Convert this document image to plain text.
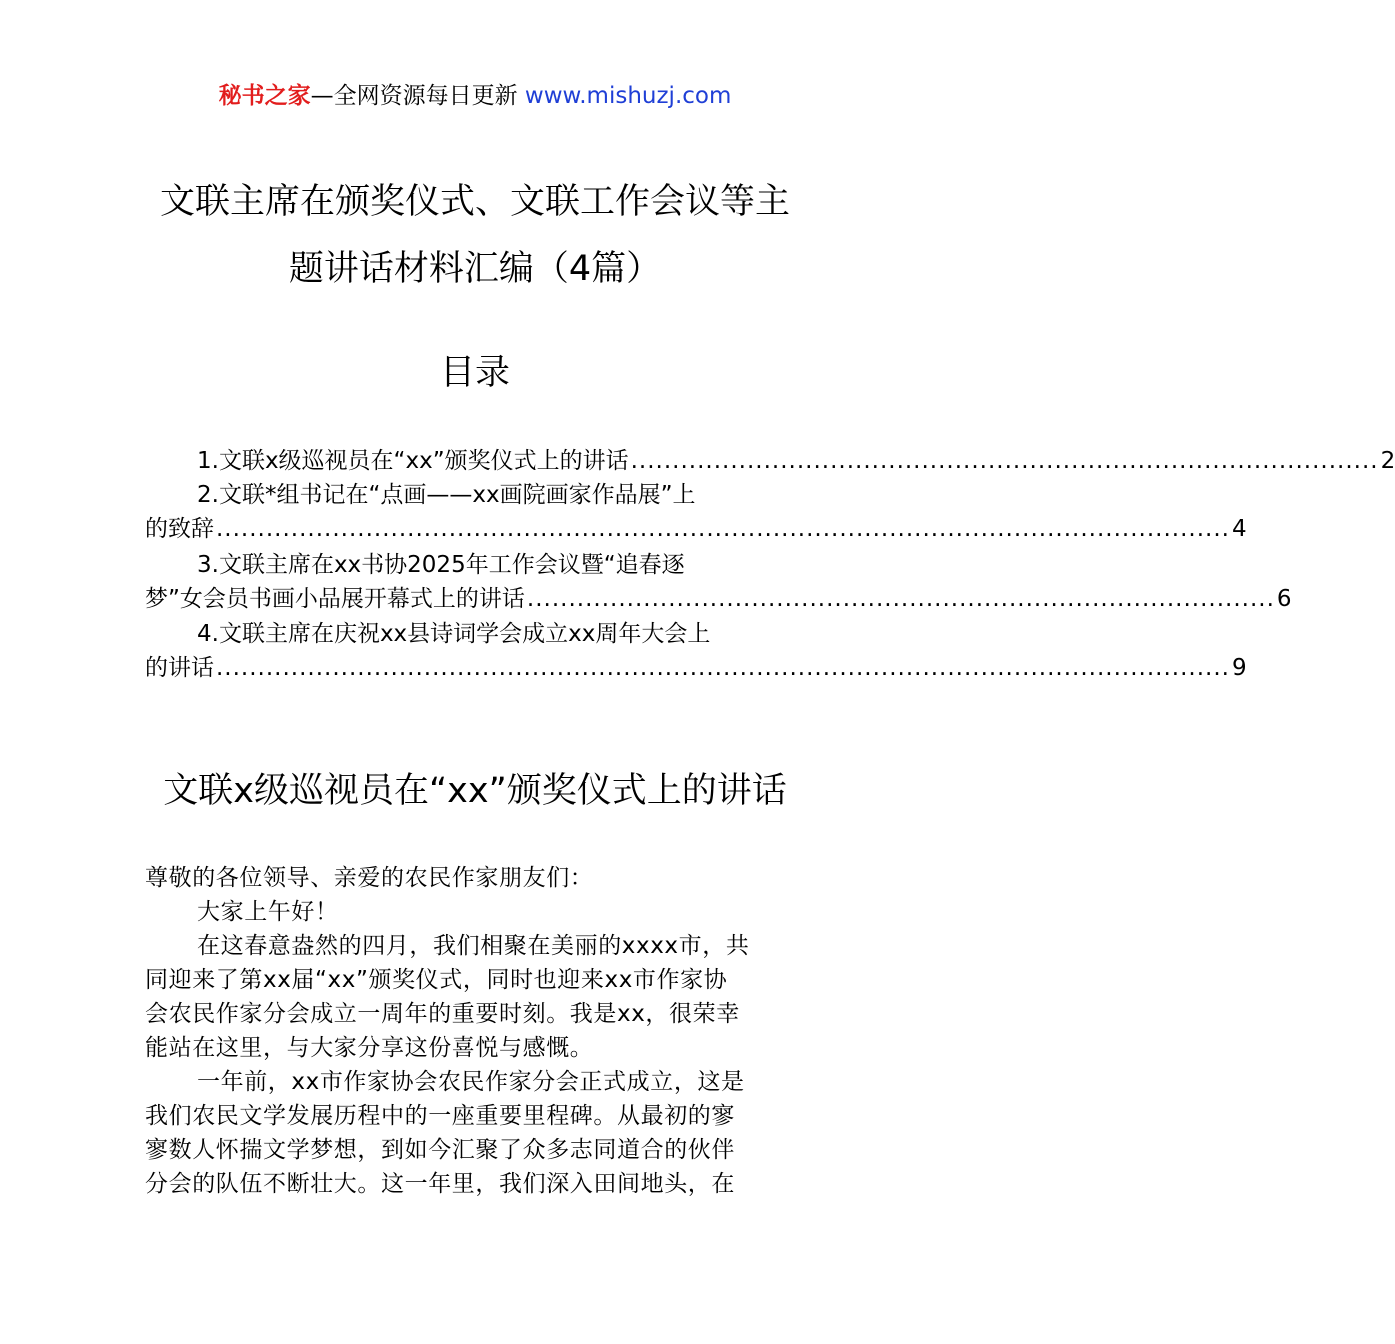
秘书之家—全网资源每日更新 www.mishuzj.com
文联主席在颁奖仪式、文联工作会议等主
题讲话材料汇编（4篇）
目录
1.文联x级巡视员在“xx”颁奖仪式上的讲话 .......................................................................................... 2
2.文联*组书记在“点画——xx画院画家作品展”上
的致辞 .......................................................................................................................... 4
3.文联主席在xx书协2025年工作会议暨“追春逐
梦”女会员书画小品展开幕式上的讲话 .......................................................................................... 6
4.文联主席在庆祝xx县诗词学会成立xx周年大会上
的讲话 .......................................................................................................................... 9
文联x级巡视员在“xx”颁奖仪式上的讲话
尊敬的各位领导、亲爱的农民作家朋友们：
大家上午好！
在这春意盎然的四月，我们相聚在美丽的xxxx市，共
同迎来了第xx届“xx”颁奖仪式，同时也迎来xx市作家协
会农民作家分会成立一周年的重要时刻。我是xx，很荣幸
能站在这里，与大家分享这份喜悦与感慨。
一年前，xx市作家协会农民作家分会正式成立，这是
我们农民文学发展历程中的一座重要里程碑。从最初的寥
寥数人怀揣文学梦想，到如今汇聚了众多志同道合的伙伴
分会的队伍不断壮大。这一年里，我们深入田间地头，在
